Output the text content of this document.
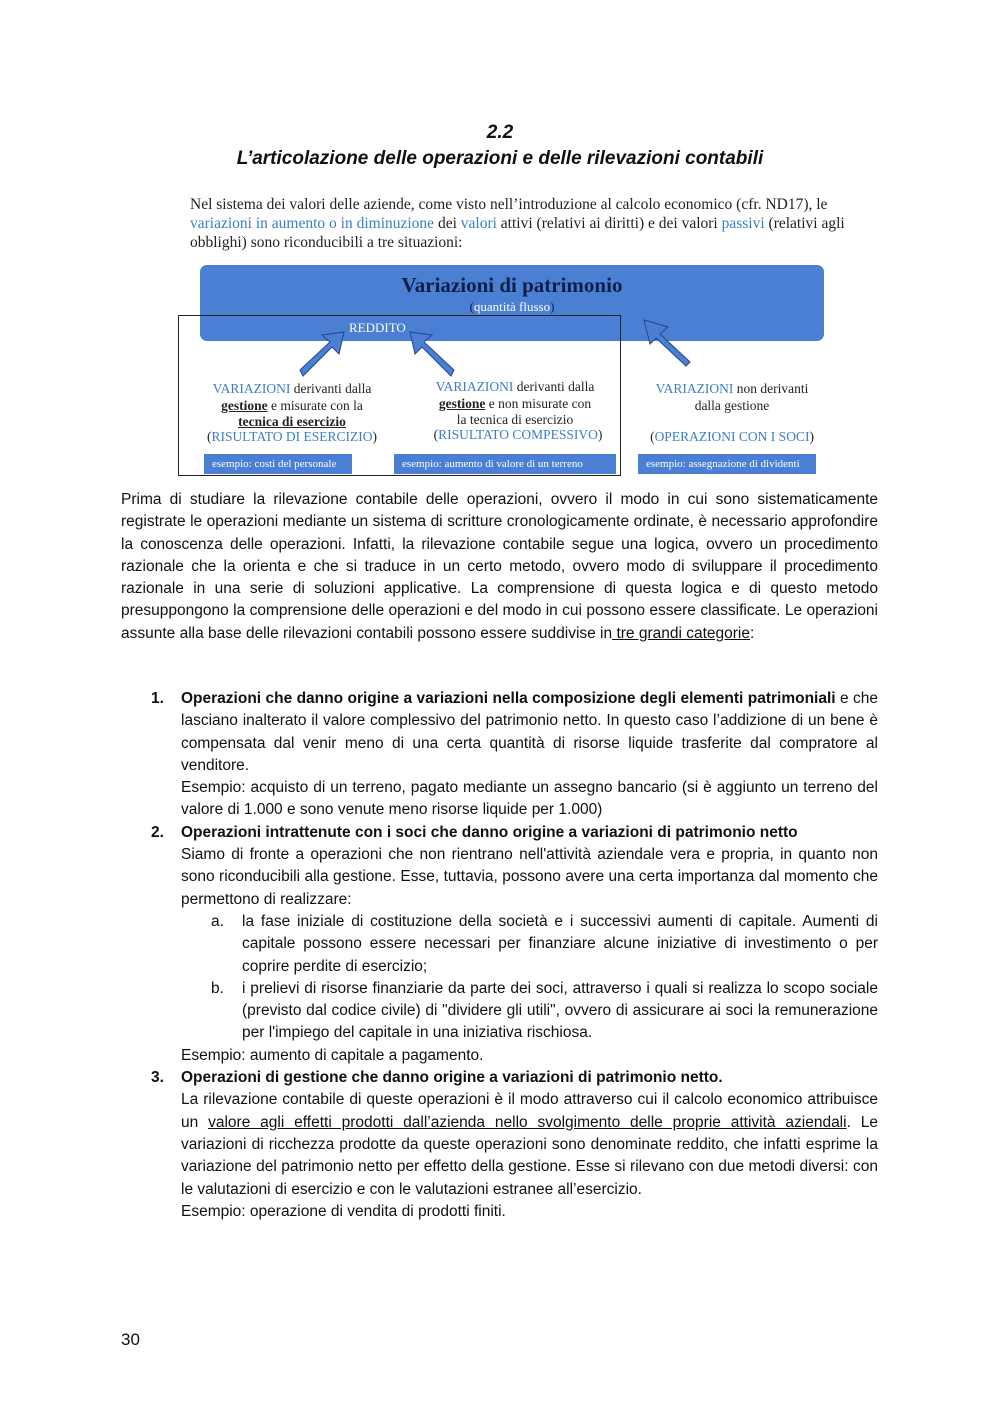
2.2
L’articolazione delle operazioni e delle rilevazioni contabili
Nel sistema dei valori delle aziende, come visto nell’introduzione al calcolo economico (cfr. ND17), le variazioni in aumento o in diminuzione dei valori attivi (relativi ai diritti) e dei valori passivi (relativi agli obblighi) sono riconducibili a tre situazioni:
Variazioni di patrimonio
(quantità flusso)
REDDITO
VARIAZIONI derivanti dalla
gestione e misurate con la
tecnica di esercizio
(RISULTATO DI ESERCIZIO)
VARIAZIONI derivanti dalla
gestione e non misurate con
la tecnica di esercizio
(RISULTATO COMPESSIVO)
VARIAZIONI non derivanti
dalla gestione
(OPERAZIONI CON I SOCI)
esempio: costi del personale	esempio: aumento di valore di un terreno	esempio: assegnazione di dividenti
Prima di studiare la rilevazione contabile delle operazioni, ovvero il modo in cui sono sistematicamente registrate le operazioni mediante un sistema di scritture cronologicamente ordinate, è necessario approfondire la conoscenza delle operazioni. Infatti, la rilevazione contabile segue una logica, ovvero un procedimento razionale che la orienta e che si traduce in un certo metodo, ovvero modo di sviluppare il procedimento razionale in una serie di soluzioni applicative. La comprensione di questa logica e di questo metodo presuppongono la comprensione delle operazioni e del modo in cui possono essere classificate. Le operazioni assunte alla base delle rilevazioni contabili possono essere suddivise in tre grandi categorie:
1. Operazioni che danno origine a variazioni nella composizione degli elementi patrimoniali e che lasciano inalterato il valore complessivo del patrimonio netto. In questo caso l’addizione di un bene è compensata dal venir meno di una certa quantità di risorse liquide trasferite dal compratore al venditore.

Esempio: acquisto di un terreno, pagato mediante un assegno bancario (si è aggiunto un terreno del valore di 1.000 e sono venute meno risorse liquide per 1.000)

2. Operazioni intrattenute con i soci che danno origine a variazioni di patrimonio netto

Siamo di fronte a operazioni che non rientrano nell'attività aziendale vera e propria, in quanto non sono riconducibili alla gestione. Esse, tuttavia, possono avere una certa importanza dal momento che permettono di realizzare:

a. la fase iniziale di costituzione della società e i successivi aumenti di capitale. Aumenti di capitale possono essere necessari per finanziare alcune iniziative di investimento o per coprire perdite di esercizio;

b. i prelievi di risorse finanziarie da parte dei soci, attraverso i quali si realizza lo scopo sociale (previsto dal codice civile) di "dividere gli utili", ovvero di assicurare ai soci la remunerazione per l'impiego del capitale in una iniziativa rischiosa.

Esempio: aumento di capitale a pagamento.

3. Operazioni di gestione che danno origine a variazioni di patrimonio netto.

La rilevazione contabile di queste operazioni è il modo attraverso cui il calcolo economico attribuisce un valore agli effetti prodotti dall’azienda nello svolgimento delle proprie attività aziendali. Le variazioni di ricchezza prodotte da queste operazioni sono denominate reddito, che infatti esprime la variazione del patrimonio netto per effetto della gestione. Esse si rilevano con due metodi diversi: con le valutazioni di esercizio e con le valutazioni estranee all’esercizio.

Esempio: operazione di vendita di prodotti finiti.

30
